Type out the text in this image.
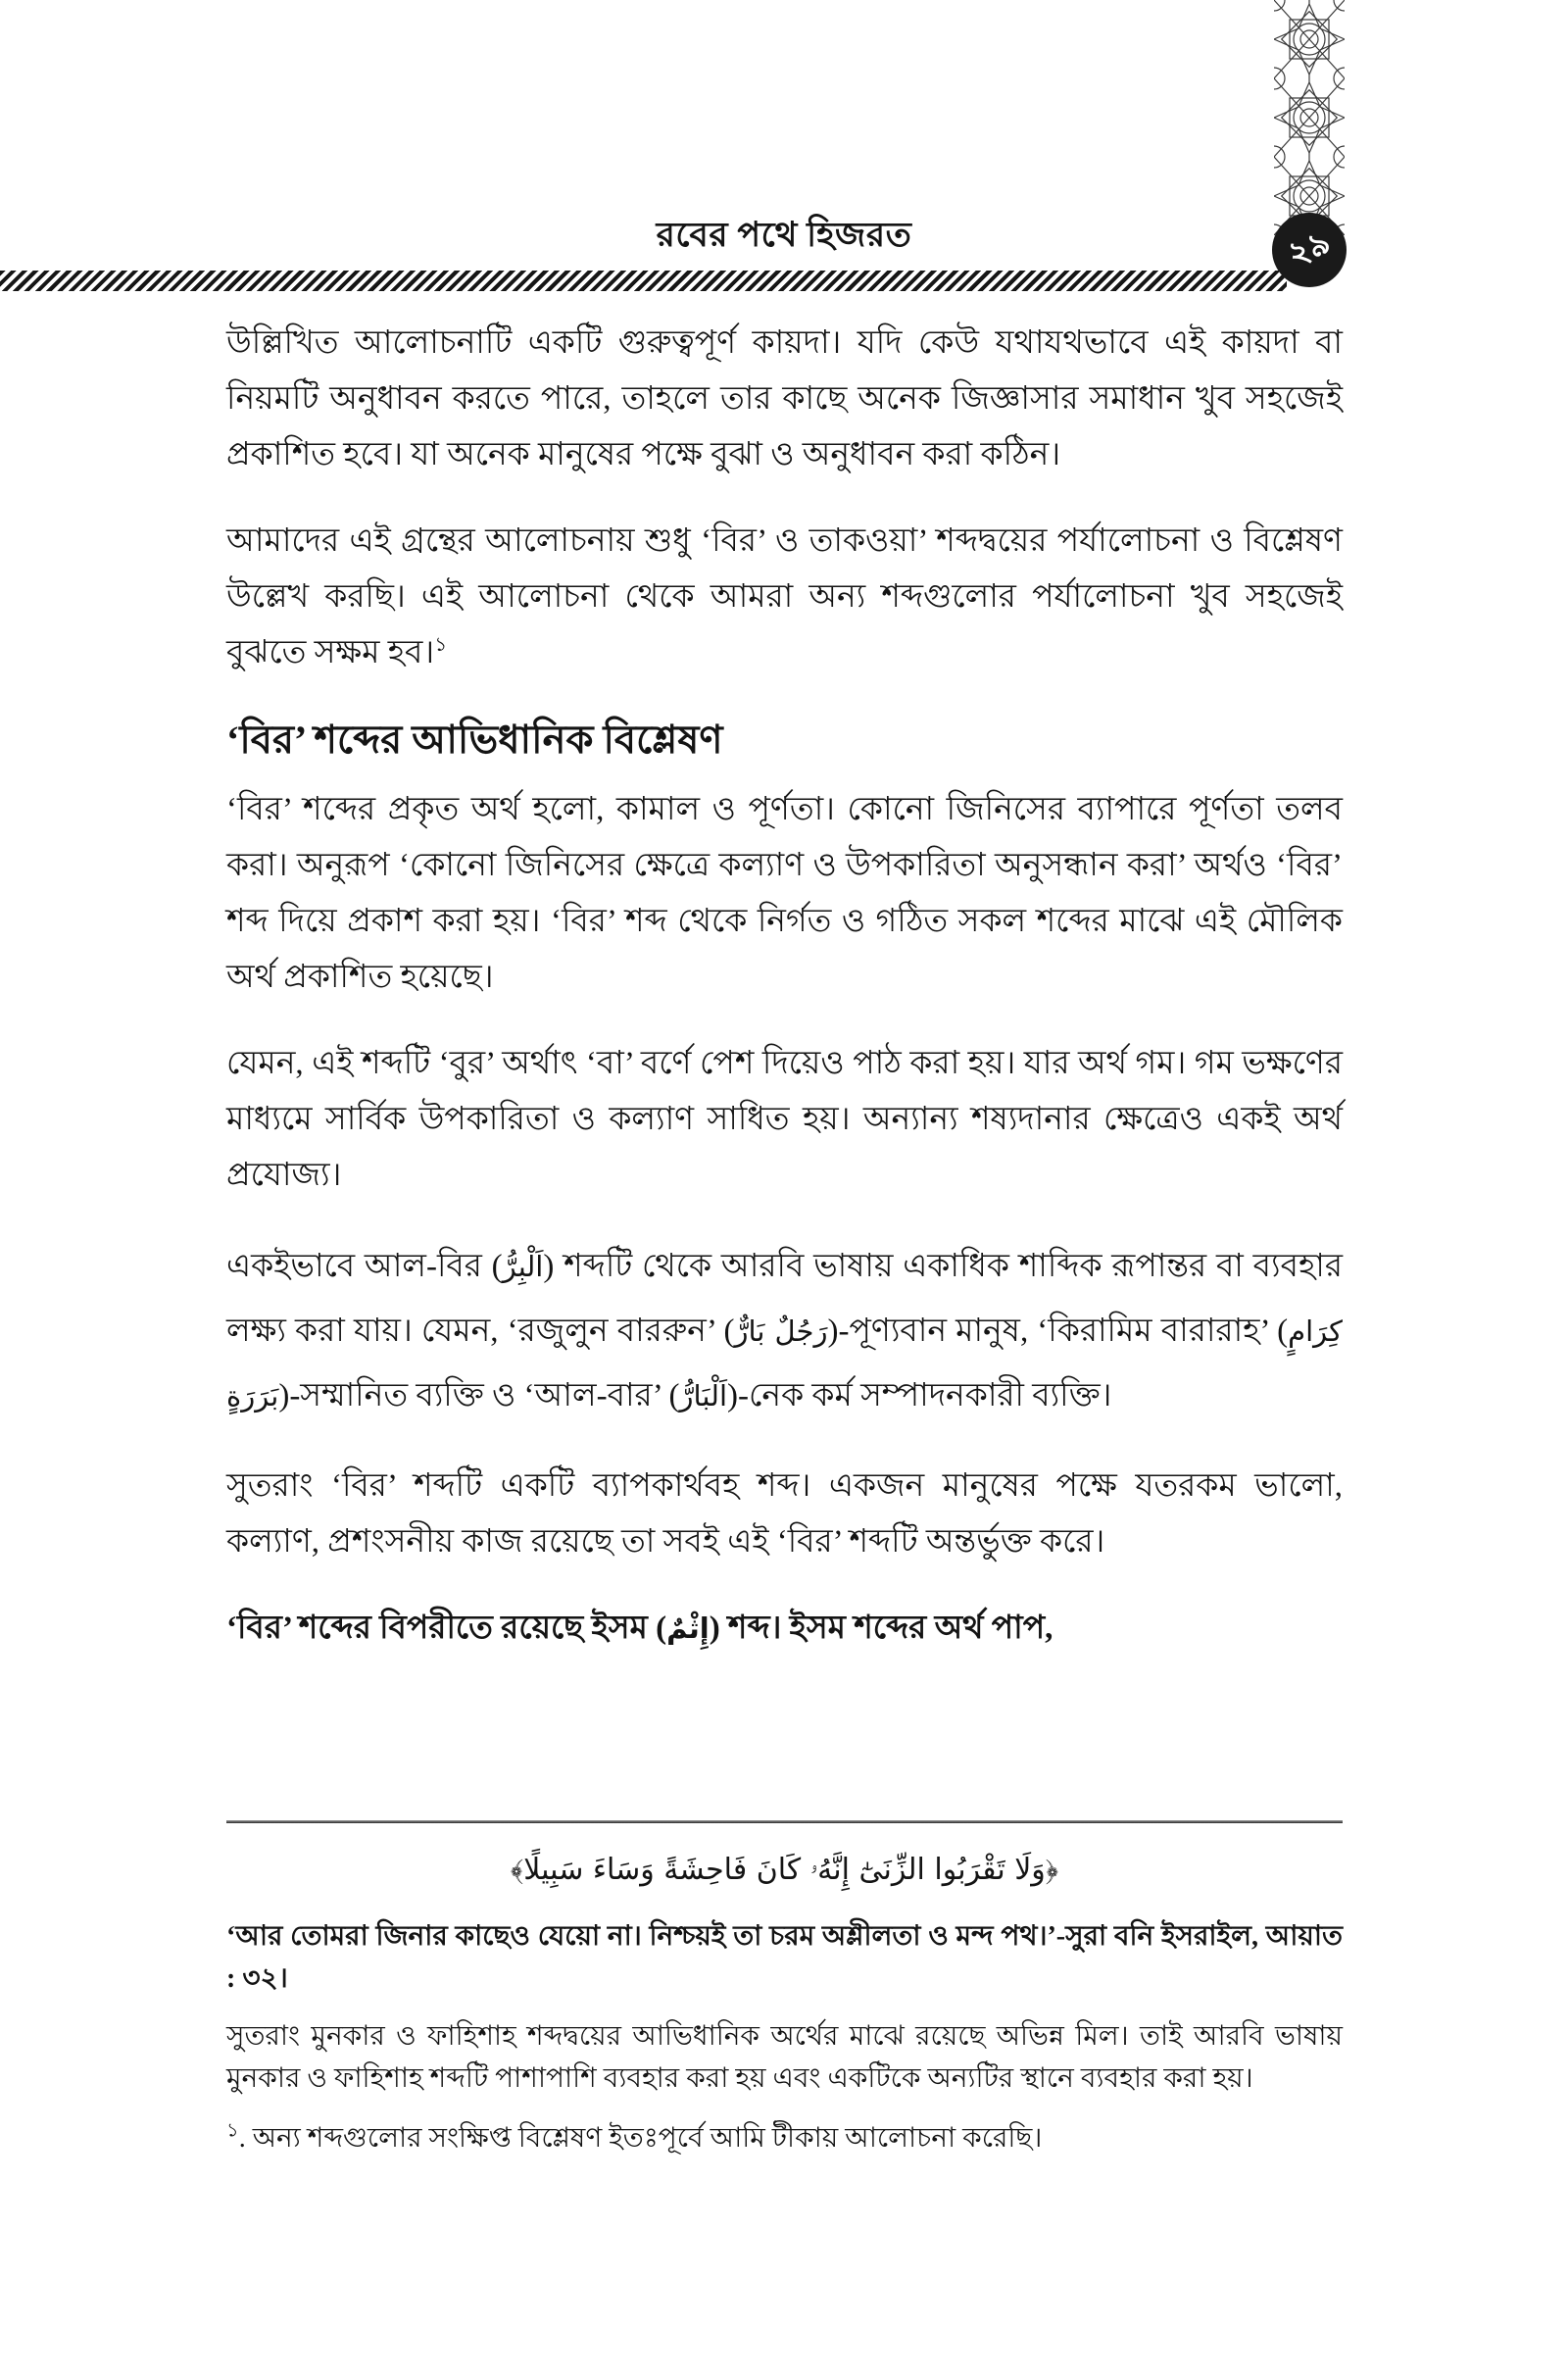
২৯
রবের পথে হিজরত

উল্লিখিত আলোচনাটি একটি গুরুত্বপূর্ণ কায়দা। যদি কেউ যথাযথভাবে এই কায়দা বা নিয়মটি অনুধাবন করতে পারে, তাহলে তার কাছে অনেক জিজ্ঞাসার সমাধান খুব সহজেই প্রকাশিত হবে। যা অনেক মানুষের পক্ষে বুঝা ও অনুধাবন করা কঠিন।

আমাদের এই গ্রন্থের আলোচনায় শুধু ‘বির’ ও তাকওয়া’ শব্দদ্বয়ের পর্যালোচনা ও বিশ্লেষণ উল্লেখ করছি। এই আলোচনা থেকে আমরা অন্য শব্দগুলোর পর্যালোচনা খুব সহজেই বুঝতে সক্ষম হব।$^১$

‘বির’ শব্দের আভিধানিক বিশ্লেষণ

‘বির’ শব্দের প্রকৃত অর্থ হলো, কামাল ও পূর্ণতা। কোনো জিনিসের ব্যাপারে পূর্ণতা তলব করা। অনুরূপ ‘কোনো জিনিসের ক্ষেত্রে কল্যাণ ও উপকারিতা অনুসন্ধান করা’ অর্থও ‘বির’ শব্দ দিয়ে প্রকাশ করা হয়। ‘বির’ শব্দ থেকে নির্গত ও গঠিত সকল শব্দের মাঝে এই মৌলিক অর্থ প্রকাশিত হয়েছে।

যেমন, এই শব্দটি ‘বুর’ অর্থাৎ ‘বা’ বর্ণে পেশ দিয়েও পাঠ করা হয়। যার অর্থ গম। গম ভক্ষণের মাধ্যমে সার্বিক উপকারিতা ও কল্যাণ সাধিত হয়। অন্যান্য শষ্যদানার ক্ষেত্রেও একই অর্থ প্রযোজ্য।

একইভাবে আল-বির (اَلْبِرُّ) শব্দটি থেকে আরবি ভাষায় একাধিক শাব্দিক রূপান্তর বা ব্যবহার লক্ষ্য করা যায়। যেমন, ‘রজুলুন বাররুন’ (رَجُلٌ بَارٌّ)-পূণ্যবান মানুষ, ‘কিরামিম বারারাহ’ (كِرَامٍ بَرَرَةٍ)-সম্মানিত ব্যক্তি ও ‘আল-বার’ (اَلْبَارُّ)-নেক কর্ম সম্পাদনকারী ব্যক্তি।

সুতরাং ‘বির’ শব্দটি একটি ব্যাপকার্থবহ শব্দ। একজন মানুষের পক্ষে যতরকম ভালো, কল্যাণ, প্রশংসনীয় কাজ রয়েছে তা সবই এই ‘বির’ শব্দটি অন্তর্ভুক্ত করে।

‘বির’ শব্দের বিপরীতে রয়েছে ইস‌ম (إِثْمٌ) শব্দ। ইস‌ম শব্দের অর্থ পাপ,

﴿وَلَا تَقْرَبُوا الزِّنَىٰٓ إِنَّهُۥ كَانَ فَاحِشَةً وَسَاءَ سَبِيلًا﴾

‘আর তোমরা জিনার কাছেও যেয়ো না। নিশ্চয়ই তা চরম অশ্লীলতা ও মন্দ পথ।’-সুরা বনি ইসরাইল, আয়াত : ৩২।

সুতরাং মুনকার ও ফাহিশাহ শব্দদ্বয়ের আভিধানিক অর্থের মাঝে রয়েছে অভিন্ন মিল। তাই আরবি ভাষায় মুনকার ও ফাহিশাহ শব্দটি পাশাপাশি ব্যবহার করা হয় এবং একটিকে অন্যটির স্থানে ব্যবহার করা হয়।

$^১$. অন্য শব্দগুলোর সংক্ষিপ্ত বিশ্লেষণ ইতঃপূর্বে আমি টীকায় আলোচনা করেছি।
